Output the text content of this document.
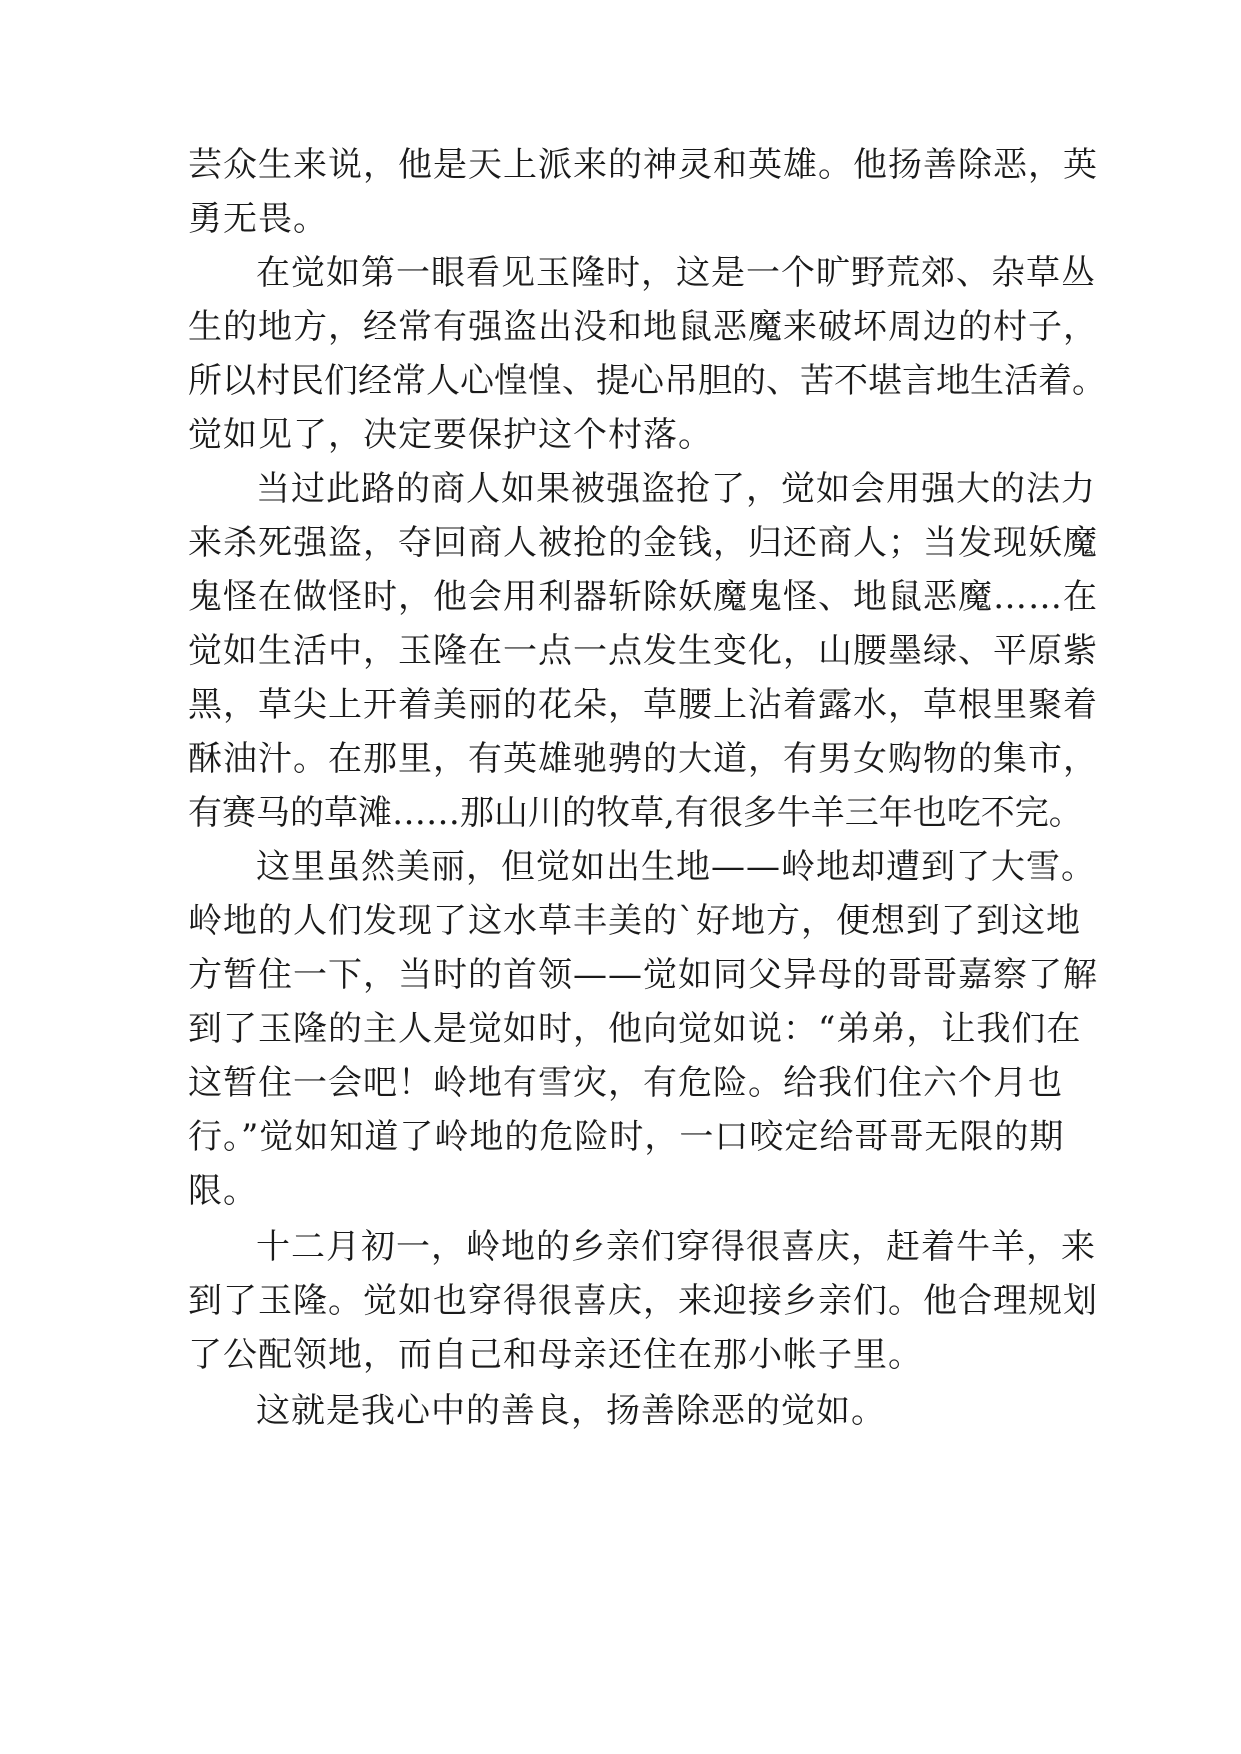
芸众生来说，他是天上派来的神灵和英雄。他扬善除恶，英
勇无畏。
在觉如第一眼看见玉隆时，这是一个旷野荒郊、杂草丛
生的地方，经常有强盗出没和地鼠恶魔来破坏周边的村子，
所以村民们经常人心惶惶、提心吊胆的、苦不堪言地生活着。
觉如见了，决定要保护这个村落。
当过此路的商人如果被强盗抢了，觉如会用强大的法力
来杀死强盗，夺回商人被抢的金钱，归还商人；当发现妖魔
鬼怪在做怪时，他会用利器斩除妖魔鬼怪、地鼠恶魔……在
觉如生活中，玉隆在一点一点发生变化，山腰墨绿、平原紫
黑，草尖上开着美丽的花朵，草腰上沾着露水，草根里聚着
酥油汁。在那里，有英雄驰骋的大道，有男女购物的集市，
有赛马的草滩……那山川的牧草,有很多牛羊三年也吃不完。
这里虽然美丽，但觉如出生地——岭地却遭到了大雪。
岭地的人们发现了这水草丰美的`好地方，便想到了到这地
方暂住一下，当时的首领——觉如同父异母的哥哥嘉察了解
到了玉隆的主人是觉如时，他向觉如说：“弟弟，让我们在
这暂住一会吧！岭地有雪灾，有危险。给我们住六个月也
行。”觉如知道了岭地的危险时，一口咬定给哥哥无限的期
限。
十二月初一，岭地的乡亲们穿得很喜庆，赶着牛羊，来
到了玉隆。觉如也穿得很喜庆，来迎接乡亲们。他合理规划
了公配领地，而自己和母亲还住在那小帐子里。
这就是我心中的善良，扬善除恶的觉如。
